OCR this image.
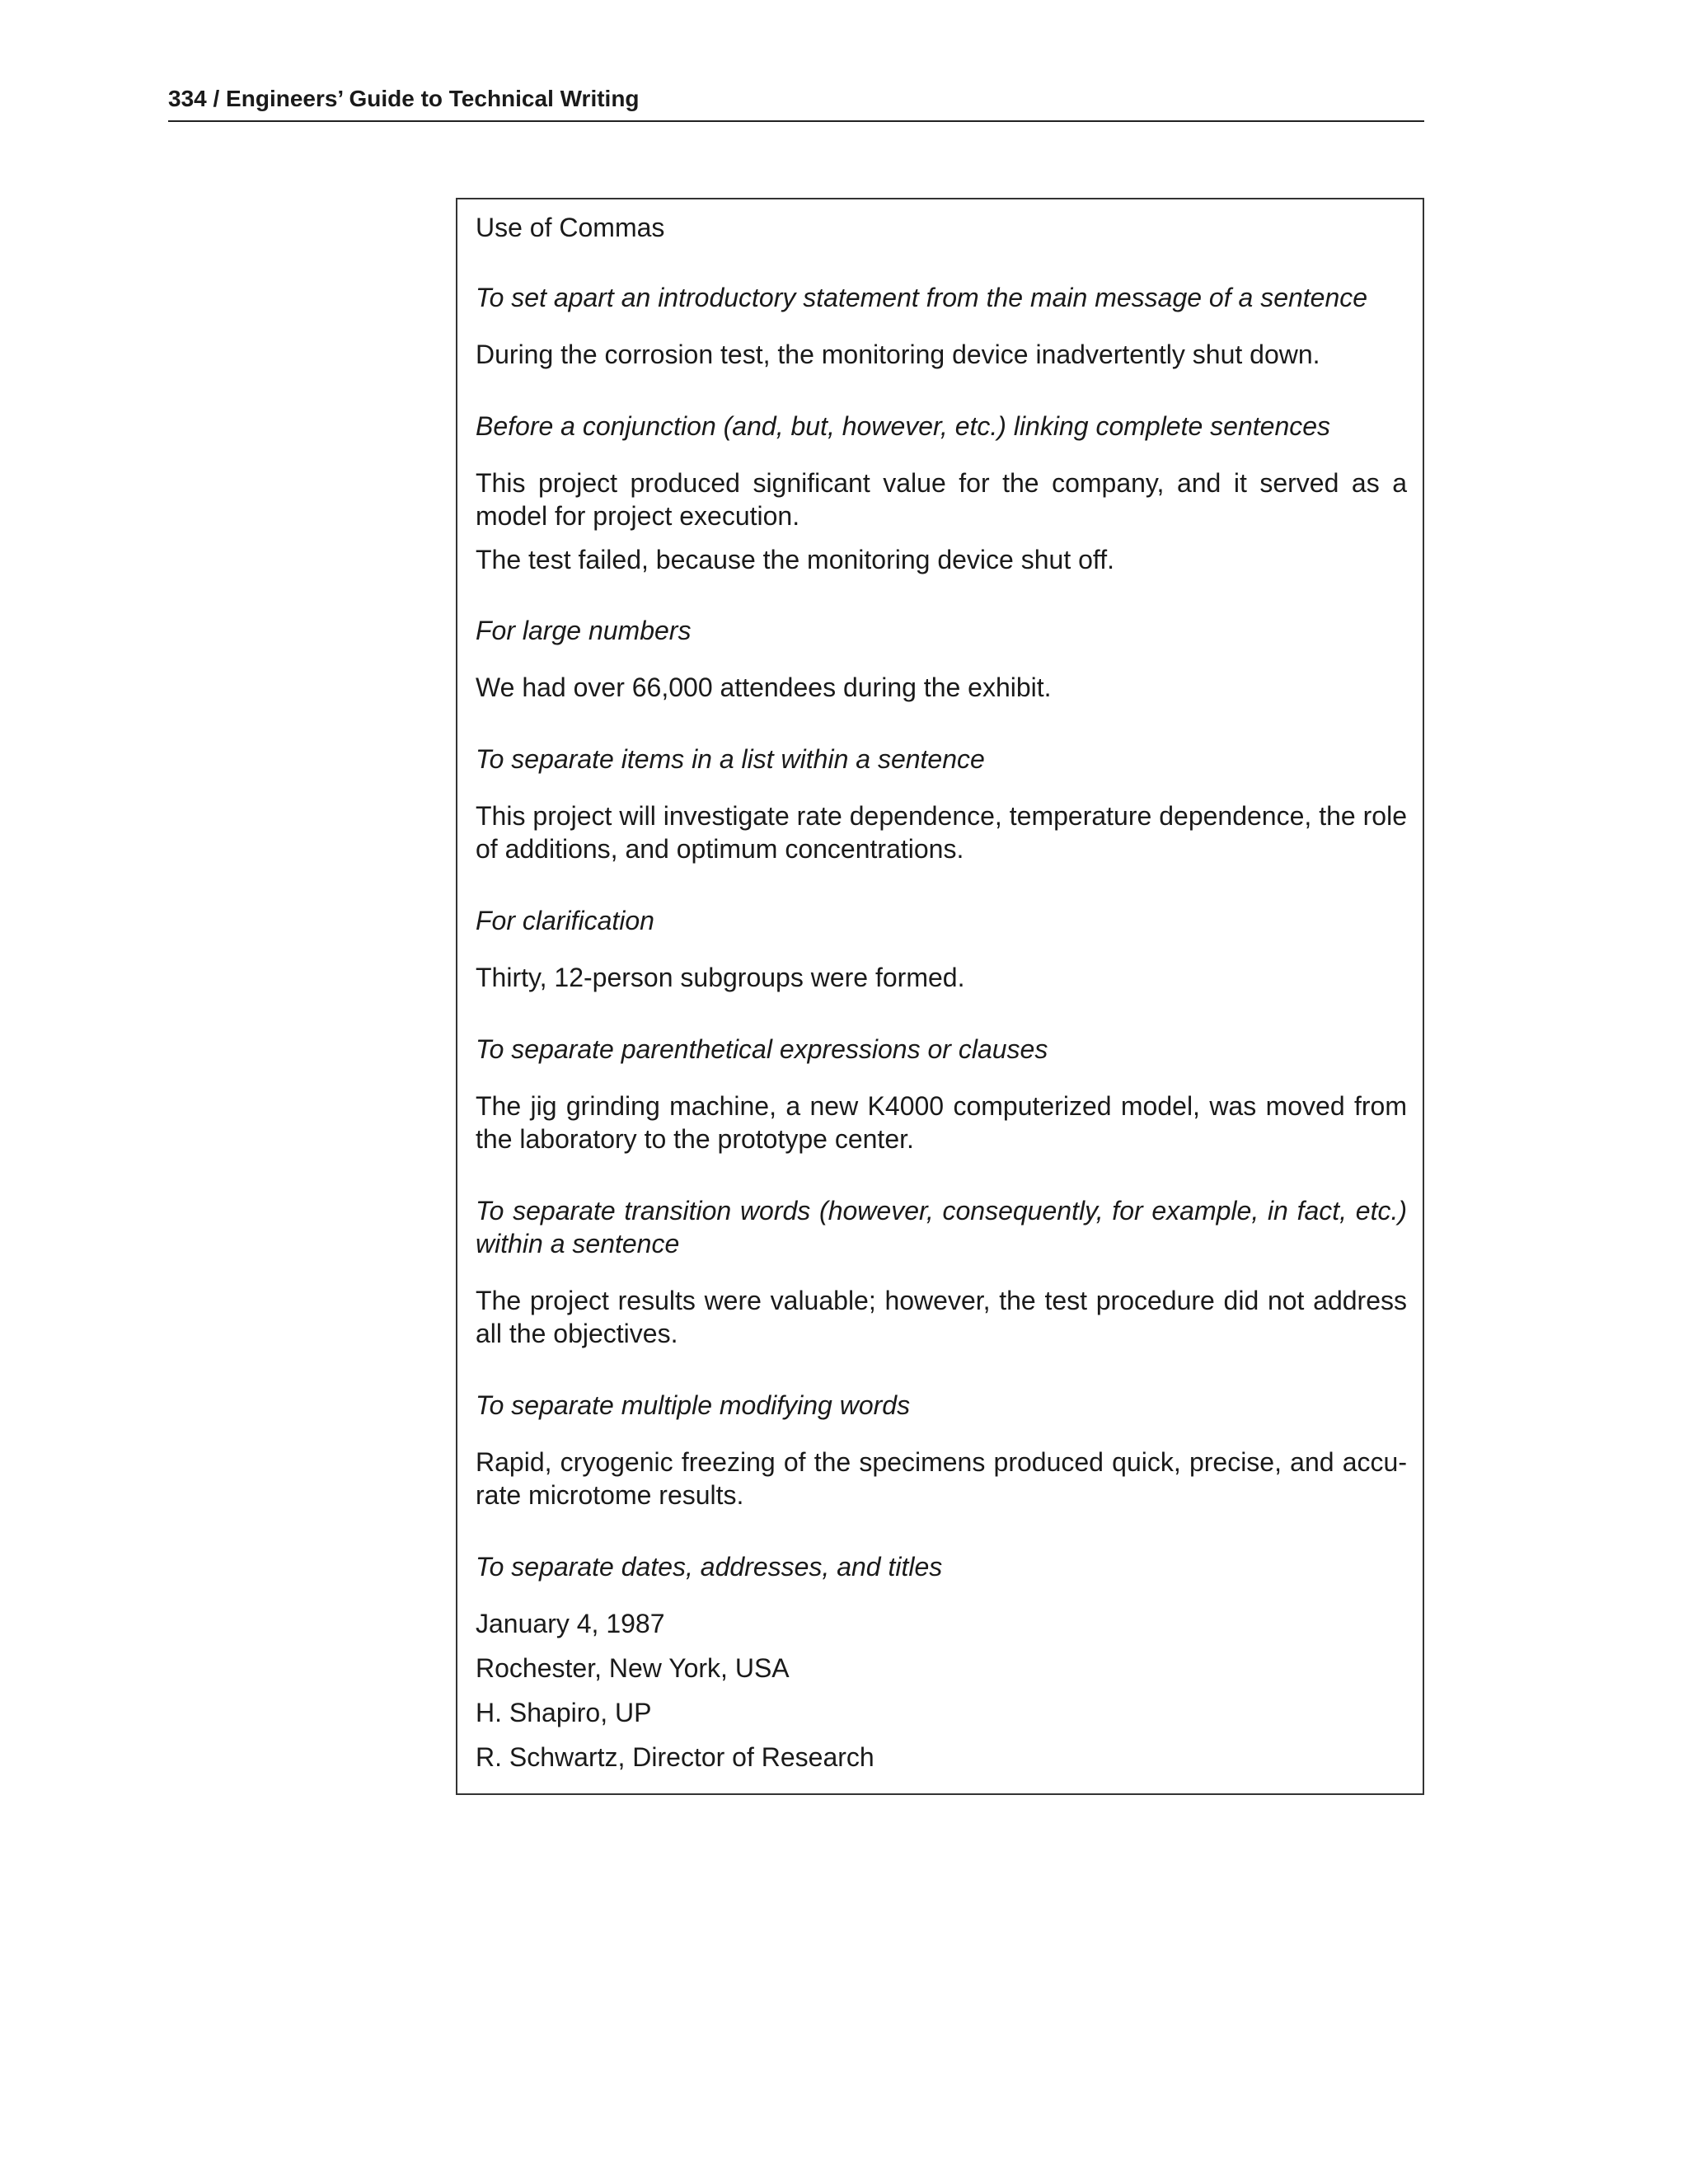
334 / Engineers’ Guide to Technical Writing

Use of Commas

To set apart an introductory statement from the main message of a sentence

During the corrosion test, the monitoring device inadvertently shut down.

Before a conjunction (and, but, however, etc.) linking complete sentences

This project produced significant value for the company, and it served as a model for project execution.

The test failed, because the monitoring device shut off.

For large numbers

We had over 66,000 attendees during the exhibit.

To separate items in a list within a sentence

This project will investigate rate dependence, temperature dependence, the role of additions, and optimum concentrations.

For clarification

Thirty, 12-person subgroups were formed.

To separate parenthetical expressions or clauses

The jig grinding machine, a new K4000 computerized model, was moved from the laboratory to the prototype center.

To separate transition words (however, consequently, for example, in fact, etc.) within a sentence

The project results were valuable; however, the test procedure did not address all the objectives.

To separate multiple modifying words

Rapid, cryogenic freezing of the specimens produced quick, precise, and accu-rate microtome results.

To separate dates, addresses, and titles

January 4, 1987

Rochester, New York, USA

H. Shapiro, UP

R. Schwartz, Director of Research
